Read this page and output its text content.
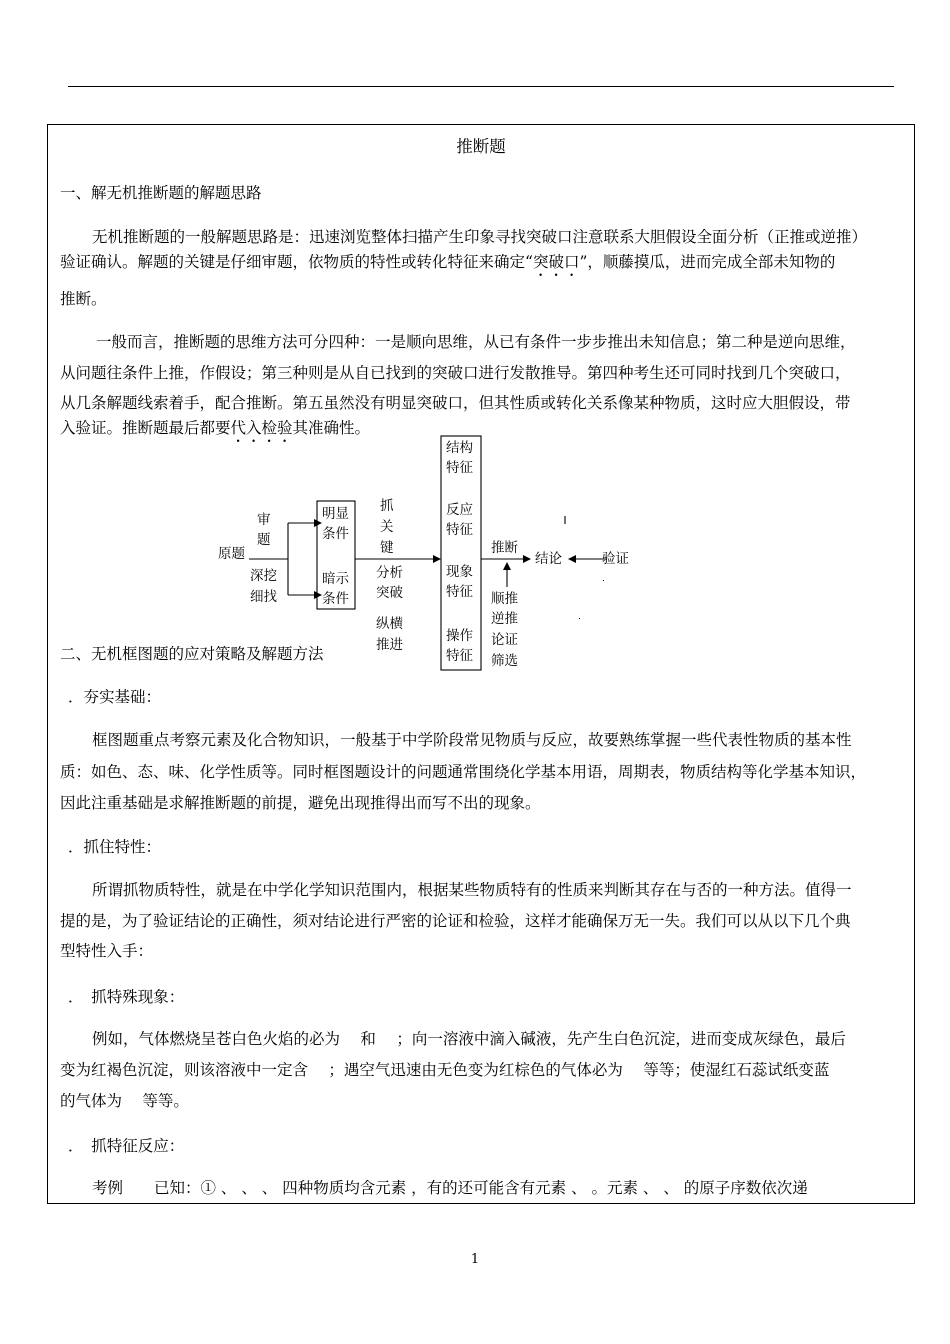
推断题
一、解无机推断题的解题思路
无机推断题的一般解题思路是：迅速浏览整体扫描产生印象寻找突破口注意联系大胆假设全面分析（正推或逆推）
验证确认。解题的关键是仔细审题，依物质的特性或转化特征来确定“突破口”，顺藤摸瓜，进而完成全部未知物的
推断。
一般而言，推断题的思维方法可分四种：一是顺向思维，从已有条件一步步推出未知信息；第二种是逆向思维，
从问题往条件上推，作假设；第三种则是从自已找到的突破口进行发散推导。第四种考生还可同时找到几个突破口，
从几条解题线索着手，配合推断。第五虽然没有明显突破口，但其性质或转化关系像某种物质，这时应大胆假设，带
入验证。推断题最后都要代入检验其准确性。
原题
审
题
深挖
细找
明显
条件
暗示
条件
抓
关
键
分析
突破
纵横
推进
结构
特征
反应
特征
现象
特征
操作
特征
推断
顺推
逆推
论证
筛选
结论	验证
二、无机框图题的应对策略及解题方法
．夯实基础：
框图题重点考察元素及化合物知识，一般基于中学阶段常见物质与反应，故要熟练掌握一些代表性物质的基本性
质：如色、态、味、化学性质等。同时框图题设计的问题通常围绕化学基本用语，周期表，物质结构等化学基本知识，
因此注重基础是求解推断题的前提，避免出现推得出而写不出的现象。
．抓住特性：
所谓抓物质特性，就是在中学化学知识范围内，根据某些物质特有的性质来判断其存在与否的一种方法。值得一
提的是，为了验证结论的正确性，须对结论进行严密的论证和检验，这样才能确保万无一失。我们可以从以下几个典
型特性入手：
．　抓特殊现象：
例如，气体燃烧呈苍白色火焰的必为　 和　 ；向一溶液中滴入碱液，先产生白色沉淀，进而变成灰绿色，最后
变为红褐色沉淀，则该溶液中一定含　 ；遇空气迅速由无色变为红棕色的气体必为　 等等；使湿红石蕊试纸变蓝
的气体为　 等等。
．　抓特征反应：
考例　　已知：① 、 、 、 四种物质均含元素 ，有的还可能含有元素 、 。元素 、 、 的原子序数依次递
1
